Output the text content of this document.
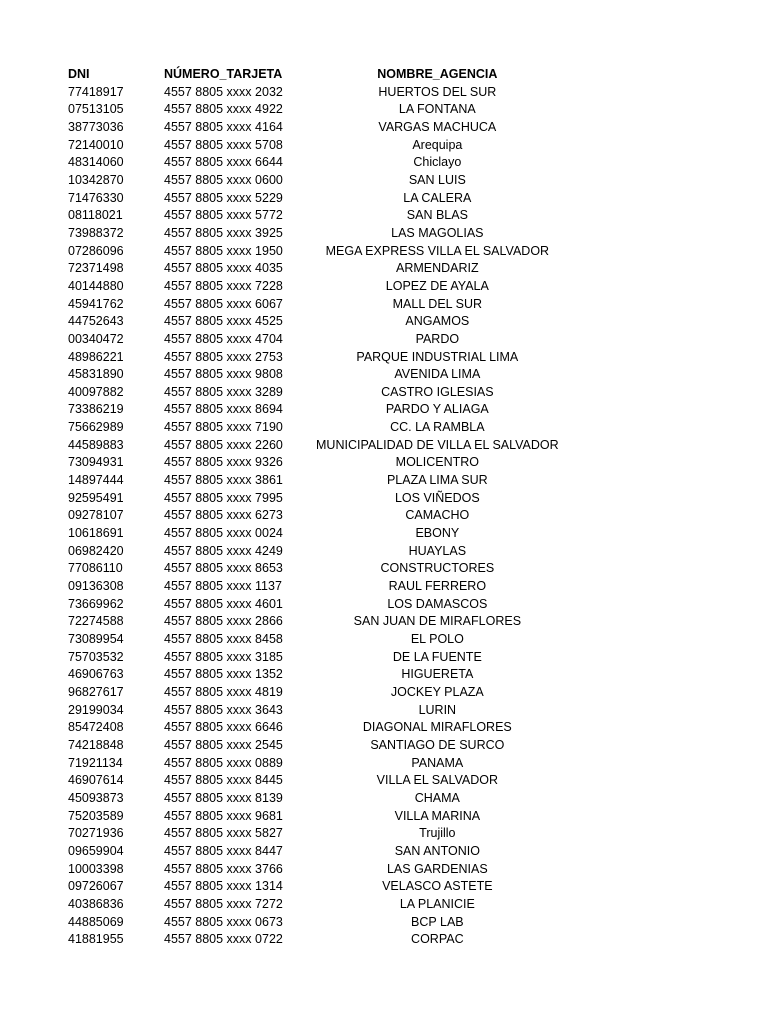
DNI	NÚMERO_TARJETA	NOMBRE_AGENCIA
77418917	4557 8805 xxxx 2032	HUERTOS DEL SUR
07513105	4557 8805 xxxx 4922	LA FONTANA
38773036	4557 8805 xxxx 4164	VARGAS MACHUCA
72140010	4557 8805 xxxx 5708	Arequipa
48314060	4557 8805 xxxx 6644	Chiclayo
10342870	4557 8805 xxxx 0600	SAN LUIS
71476330	4557 8805 xxxx 5229	LA CALERA
08118021	4557 8805 xxxx 5772	SAN BLAS
73988372	4557 8805 xxxx 3925	LAS MAGOLIAS
07286096	4557 8805 xxxx 1950	MEGA EXPRESS VILLA EL SALVADOR
72371498	4557 8805 xxxx 4035	ARMENDARIZ
40144880	4557 8805 xxxx 7228	LOPEZ DE AYALA
45941762	4557 8805 xxxx 6067	MALL DEL SUR
44752643	4557 8805 xxxx 4525	ANGAMOS
00340472	4557 8805 xxxx 4704	PARDO
48986221	4557 8805 xxxx 2753	PARQUE INDUSTRIAL LIMA
45831890	4557 8805 xxxx 9808	AVENIDA LIMA
40097882	4557 8805 xxxx 3289	CASTRO IGLESIAS
73386219	4557 8805 xxxx 8694	PARDO Y ALIAGA
75662989	4557 8805 xxxx 7190	CC. LA RAMBLA
44589883	4557 8805 xxxx 2260	MUNICIPALIDAD DE VILLA EL SALVADOR
73094931	4557 8805 xxxx 9326	MOLICENTRO
14897444	4557 8805 xxxx 3861	PLAZA LIMA SUR
92595491	4557 8805 xxxx 7995	LOS VIÑEDOS
09278107	4557 8805 xxxx 6273	CAMACHO
10618691	4557 8805 xxxx 0024	EBONY
06982420	4557 8805 xxxx 4249	HUAYLAS
77086110	4557 8805 xxxx 8653	CONSTRUCTORES
09136308	4557 8805 xxxx 1137	RAUL FERRERO
73669962	4557 8805 xxxx 4601	LOS DAMASCOS
72274588	4557 8805 xxxx 2866	SAN JUAN DE MIRAFLORES
73089954	4557 8805 xxxx 8458	EL POLO
75703532	4557 8805 xxxx 3185	DE LA FUENTE
46906763	4557 8805 xxxx 1352	HIGUERETA
96827617	4557 8805 xxxx 4819	JOCKEY PLAZA
29199034	4557 8805 xxxx 3643	LURIN
85472408	4557 8805 xxxx 6646	DIAGONAL MIRAFLORES
74218848	4557 8805 xxxx 2545	SANTIAGO DE SURCO
71921134	4557 8805 xxxx 0889	PANAMA
46907614	4557 8805 xxxx 8445	VILLA EL SALVADOR
45093873	4557 8805 xxxx 8139	CHAMA
75203589	4557 8805 xxxx 9681	VILLA MARINA
70271936	4557 8805 xxxx 5827	Trujillo
09659904	4557 8805 xxxx 8447	SAN ANTONIO
10003398	4557 8805 xxxx 3766	LAS GARDENIAS
09726067	4557 8805 xxxx 1314	VELASCO ASTETE
40386836	4557 8805 xxxx 7272	LA PLANICIE
44885069	4557 8805 xxxx 0673	BCP LAB
41881955	4557 8805 xxxx 0722	CORPAC
